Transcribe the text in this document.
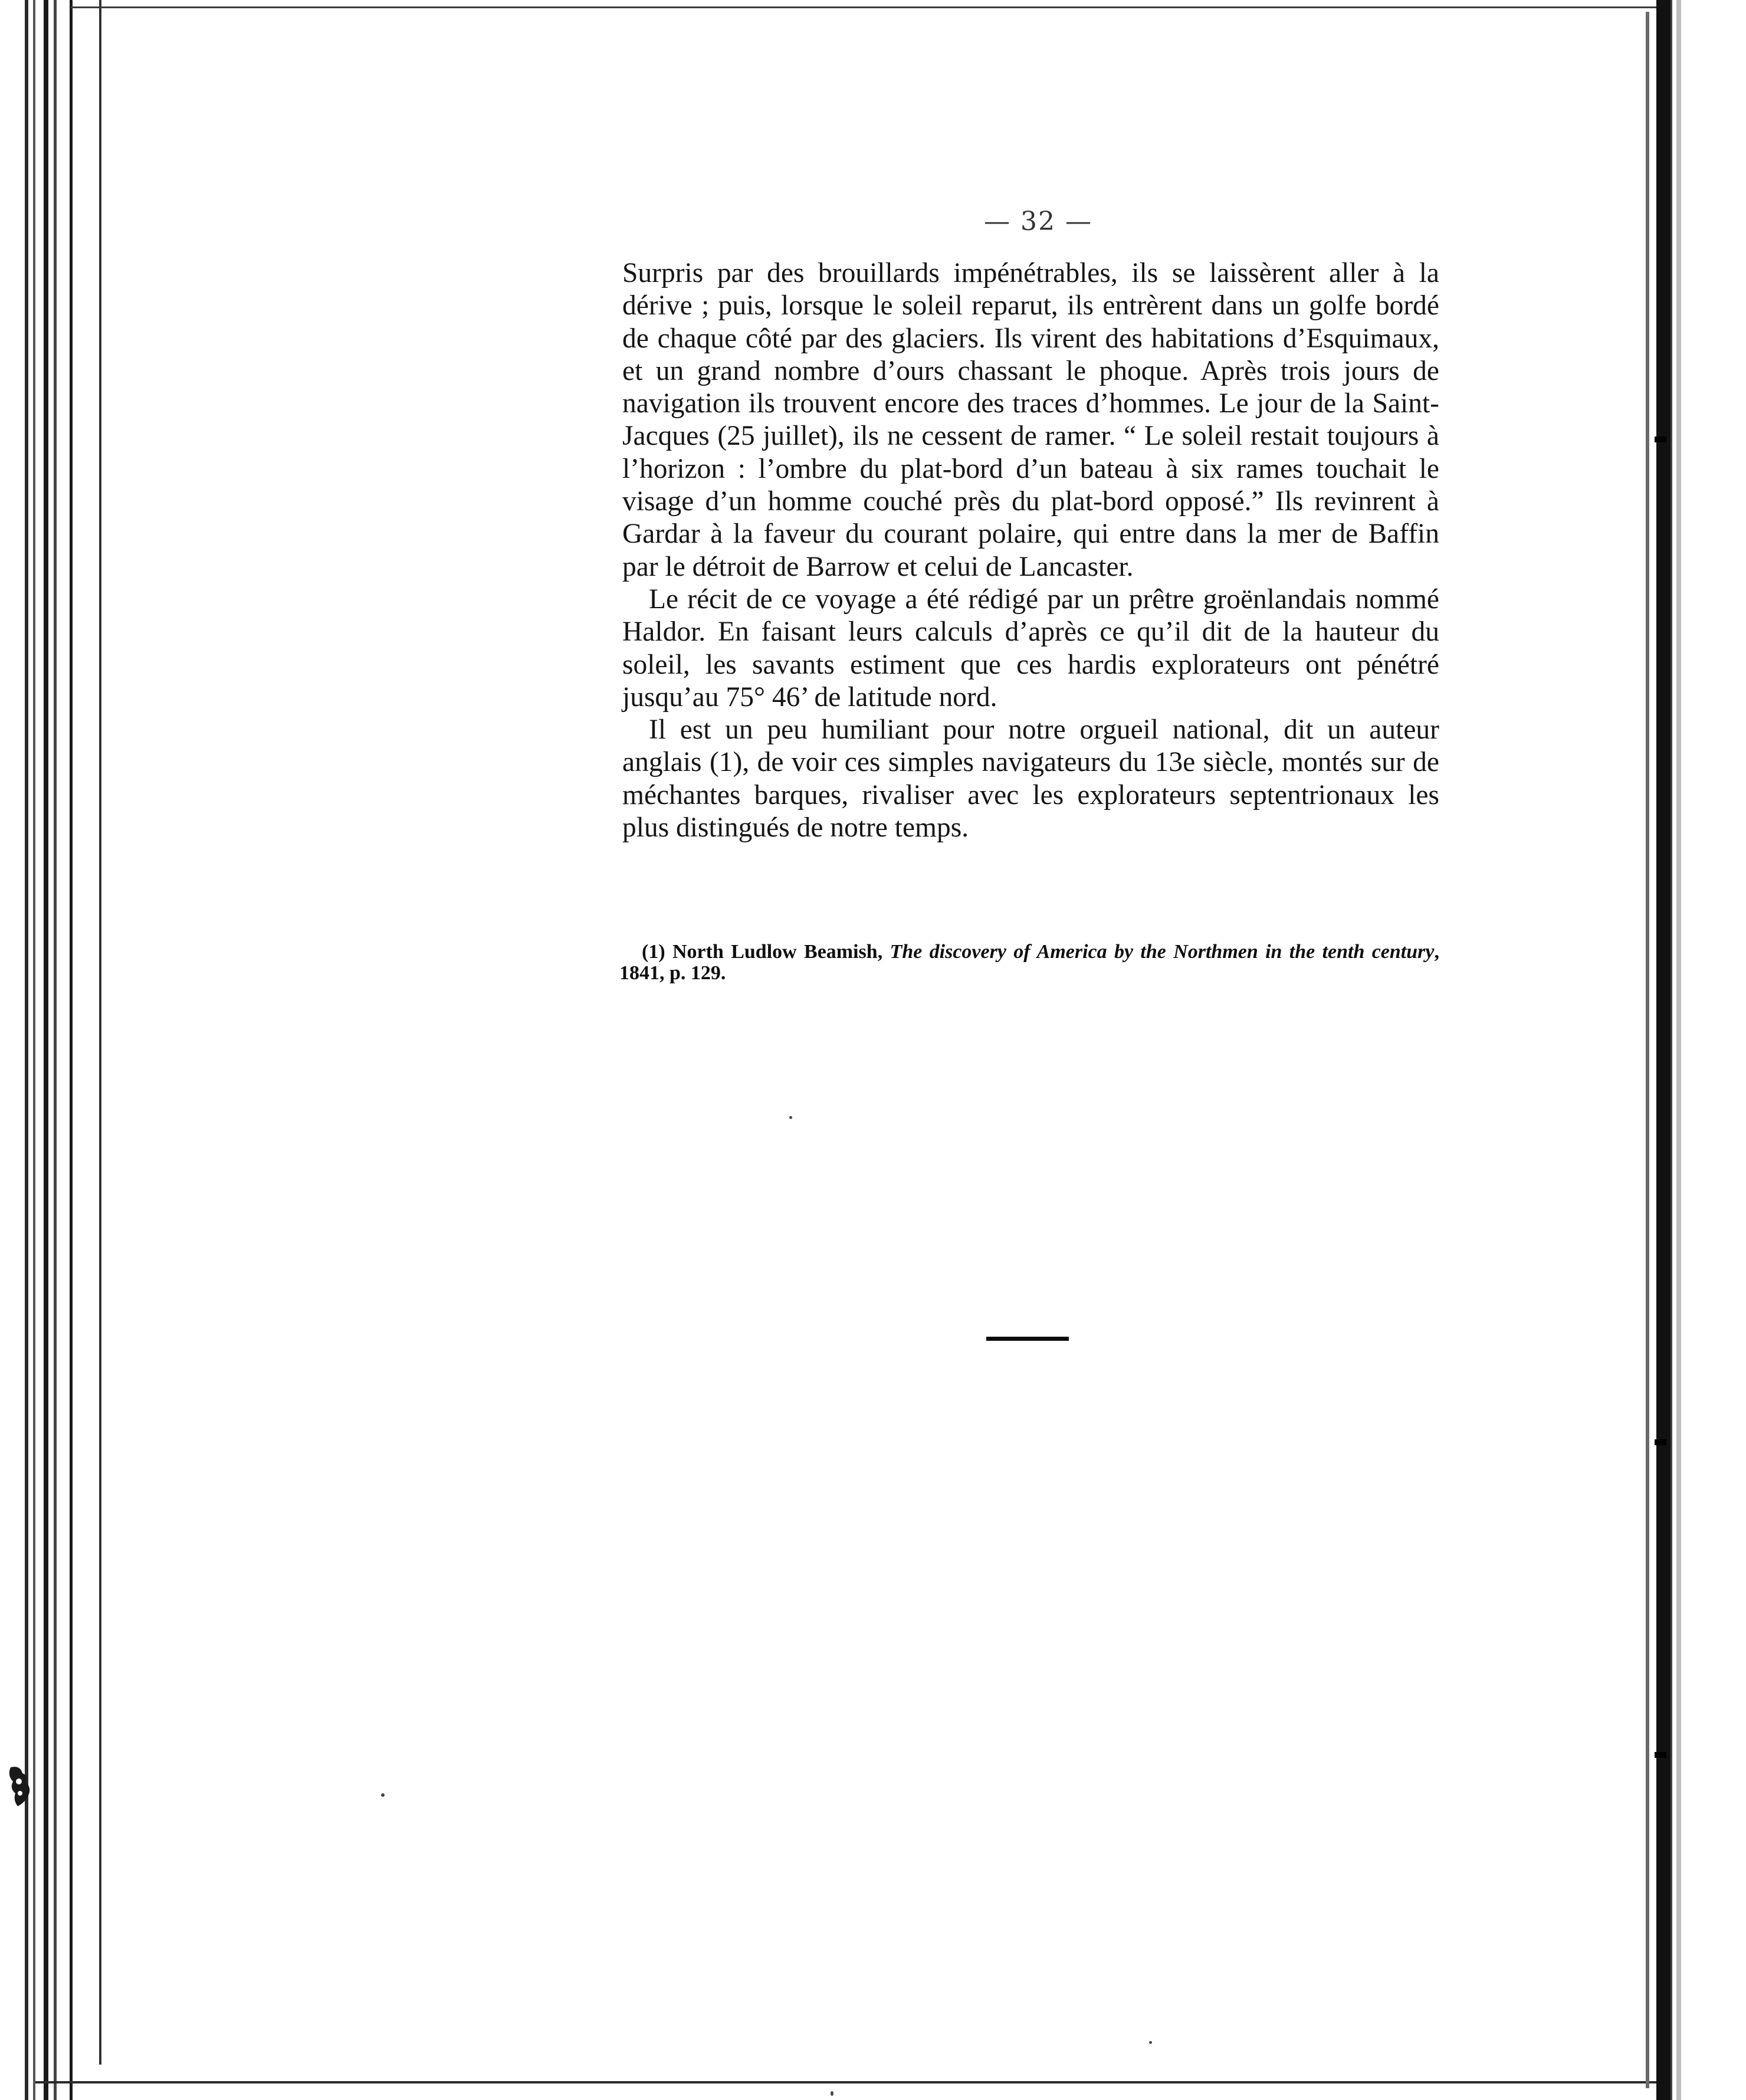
— 32 —

Surpris par des brouillards impénétrables, ils se laissèrent aller à la dérive ; puis, lorsque le soleil reparut, ils entrèrent dans un golfe bordé de chaque côté par des glaciers. Ils virent des habitations d’Esquimaux, et un grand nombre d’ours chassant le phoque. Après trois jours de navigation ils trouvent encore des traces d’hommes. Le jour de la Saint-Jacques (25 juillet), ils ne cessent de ramer. “ Le soleil restait toujours à l’horizon : l’ombre du plat-bord d’un bateau à six rames touchait le visage d’un homme couché près du plat-bord opposé.” Ils revinrent à Gardar à la faveur du courant polaire, qui entre dans la mer de Baffin par le détroit de Barrow et celui de Lancaster.

Le récit de ce voyage a été rédigé par un prêtre groënlandais nommé Haldor. En faisant leurs calculs d’après ce qu’il dit de la hauteur du soleil, les savants estiment que ces hardis explorateurs ont pénétré jusqu’au 75° 46’ de latitude nord.

Il est un peu humiliant pour notre orgueil national, dit un auteur anglais (1), de voir ces simples navigateurs du 13e siècle, montés sur de méchantes barques, rivaliser avec les explorateurs septentrionaux les plus distingués de notre temps.

(1) North Ludlow Beamish, The discovery of America by the Northmen in the tenth century, 1841, p. 129.
